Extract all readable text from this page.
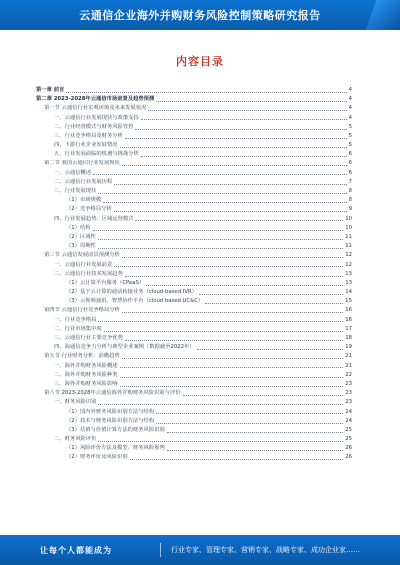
云通信企业海外并购财务风险控制策略研究报告
内容目录
第一章 前言	4
第二章 2023-2028年云通信市场前景及趋势预测	4
第一节 云通信行业宏观环境及未来发展状况	4
一、云通信行业发展现状与政策支持	4
二、行业经营模式与财务风险管控	5
三、行业竞争格局及财务分析	5
四、下游行业企业发展情况	5
五、行业发展面临的机遇与挑战分析	6
第二节 我国云通信行业发展现状	6
一、云通信概述	6
二、云通信行业发展历程	7
三、行业发展现状	8
（1）市场规模	8
（2）竞争格局分析	9
四、行业发展趋势、区域运营模式	10
（1）结构	10
（2）区域性	11
（3）周期性	11
第三节 云通信发展前景预测分析	12
一、云通信行业发展前景	12
二、云通信行业技术发展趋势	13
（1）云计算平台服务（CPaaS）	13
（2）基于云计算的通话转接业务（cloud-based IVR）	14
（3）云视频通讯、智慧协作平台（cloud based UC&C）	15
第四节 云通信行业竞争格局分析	16
一、行业竞争格局	16
二、行业市场集中度	17
三、云通信行业主要竞争优势	18
四、海通信竞争力分析与典型企业案例（数据截至2022年）	19
第五节 行业财务分析：前瞻趋势	21
一、海外并购财务风险概述	21
二、海外并购财务风险种类	22
三、海外并购财务风险影响	23
第六节 2023-2028年云通信海外并购财务风险识别与评价	23
一、财务风险识别	23
（1）国内外财务风险识别方法与结构	24
（2）技术与财务风险识别方法与结构	24
（3）估值与价值计算方法的财务风险识别	25
二、财务风险评价	25
（1）风险评价方法及模型、财务风险预判	26
（2）财务评价及风险识别	26
让每个人都能成为	行业专家、管理专家、营销专家、战略专家、成功企业家……
